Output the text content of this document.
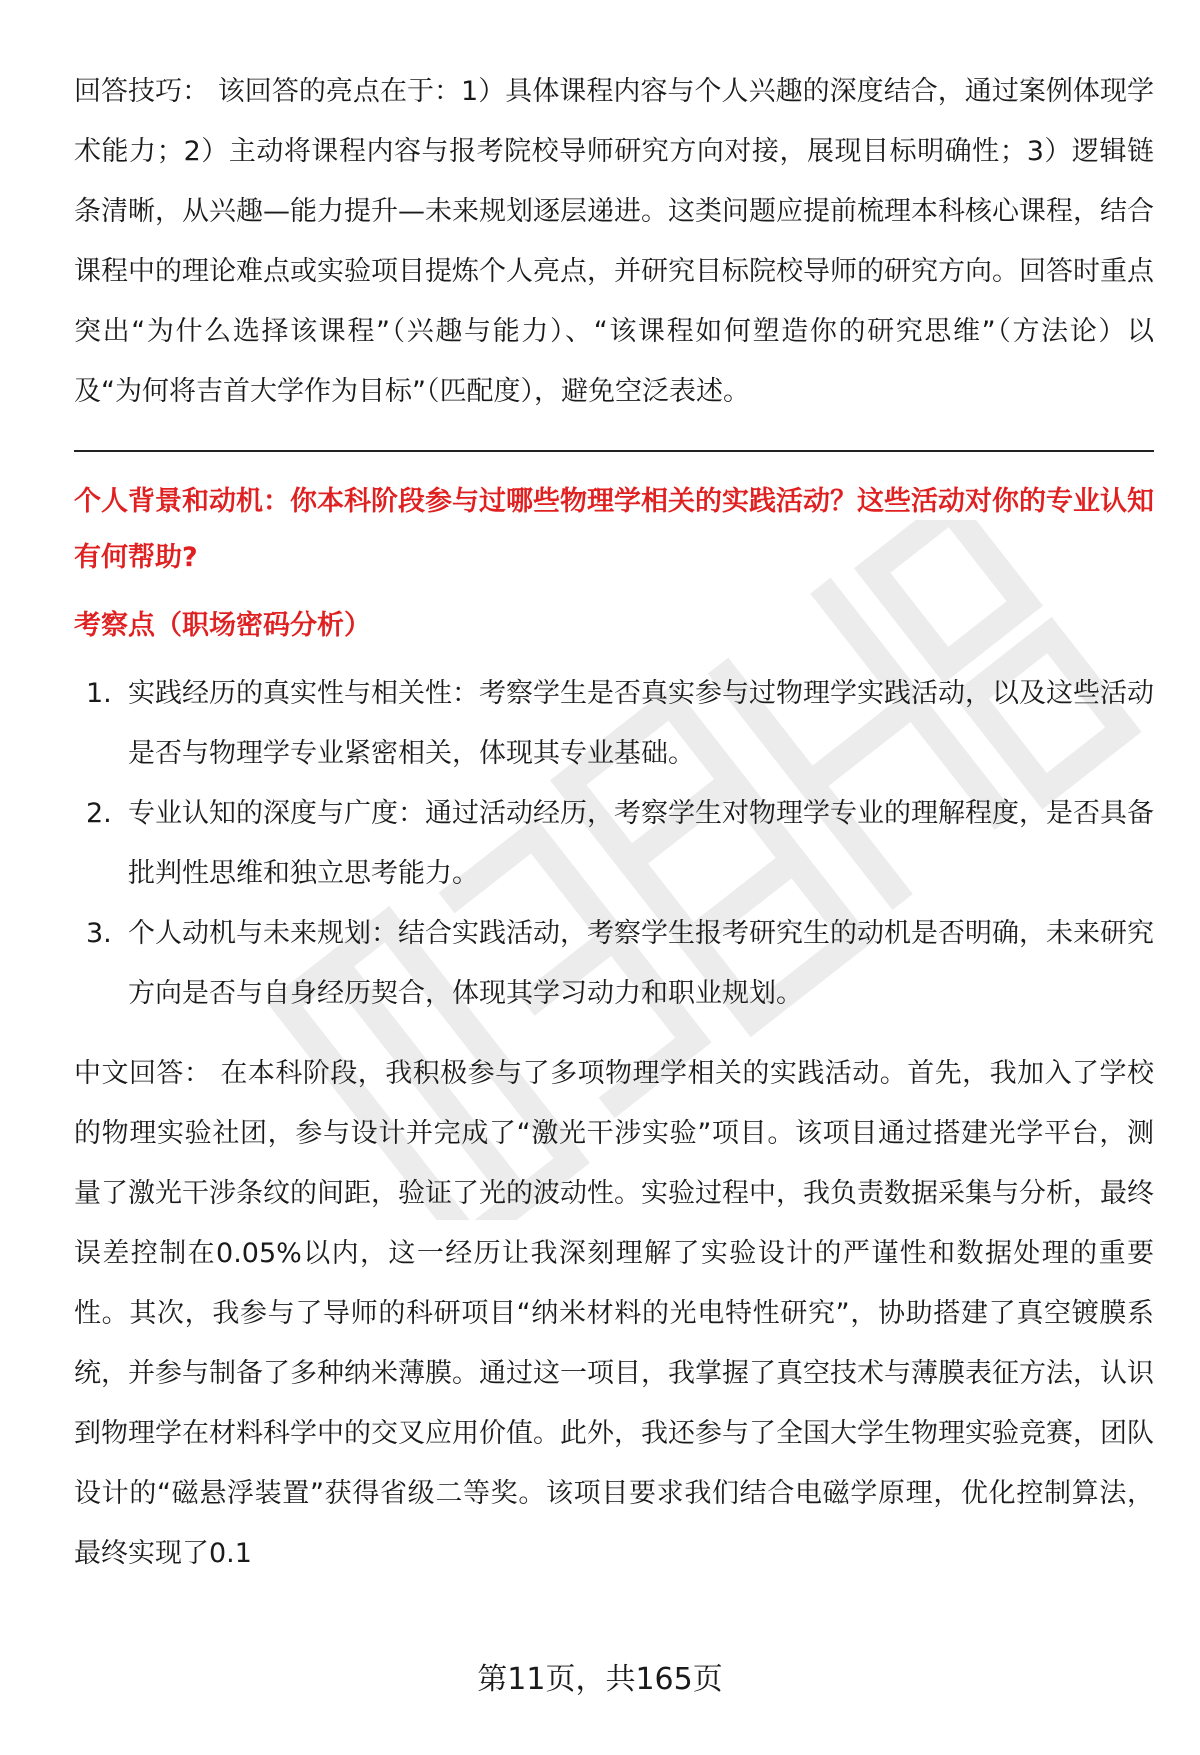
回答技巧： 该回答的亮点在于：1）具体课程内容与个人兴趣的深度结合，通过案例体现学术能力；2）主动将课程内容与报考院校导师研究方向对接，展现目标明确性；3）逻辑链条清晰，从兴趣—能力提升—未来规划逐层递进。这类问题应提前梳理本科核心课程，结合课程中的理论难点或实验项目提炼个人亮点，并研究目标院校导师的研究方向。回答时重点突出“为什么选择该课程”（兴趣与能力）、“该课程如何塑造你的研究思维”（方法论）以及“为何将吉首大学作为目标”（匹配度），避免空泛表述。

个人背景和动机：你本科阶段参与过哪些物理学相关的实践活动？这些活动对你的专业认知有何帮助?

考察点（职场密码分析）

1. 实践经历的真实性与相关性：考察学生是否真实参与过物理学实践活动，以及这些活动是否与物理学专业紧密相关，体现其专业基础。
2. 专业认知的深度与广度：通过活动经历，考察学生对物理学专业的理解程度，是否具备批判性思维和独立思考能力。
3. 个人动机与未来规划：结合实践活动，考察学生报考研究生的动机是否明确，未来研究方向是否与自身经历契合，体现其学习动力和职业规划。

中文回答： 在本科阶段，我积极参与了多项物理学相关的实践活动。首先，我加入了学校的物理实验社团，参与设计并完成了“激光干涉实验”项目。该项目通过搭建光学平台，测量了激光干涉条纹的间距，验证了光的波动性。实验过程中，我负责数据采集与分析，最终误差控制在0.05%以内，这一经历让我深刻理解了实验设计的严谨性和数据处理的重要性。其次，我参与了导师的科研项目“纳米材料的光电特性研究”，协助搭建了真空镀膜系统，并参与制备了多种纳米薄膜。通过这一项目，我掌握了真空技术与薄膜表征方法，认识到物理学在材料科学中的交叉应用价值。此外，我还参与了全国大学生物理实验竞赛，团队设计的“磁悬浮装置”获得省级二等奖。该项目要求我们结合电磁学原理，优化控制算法，最终实现了0.1

第11页，共165页
